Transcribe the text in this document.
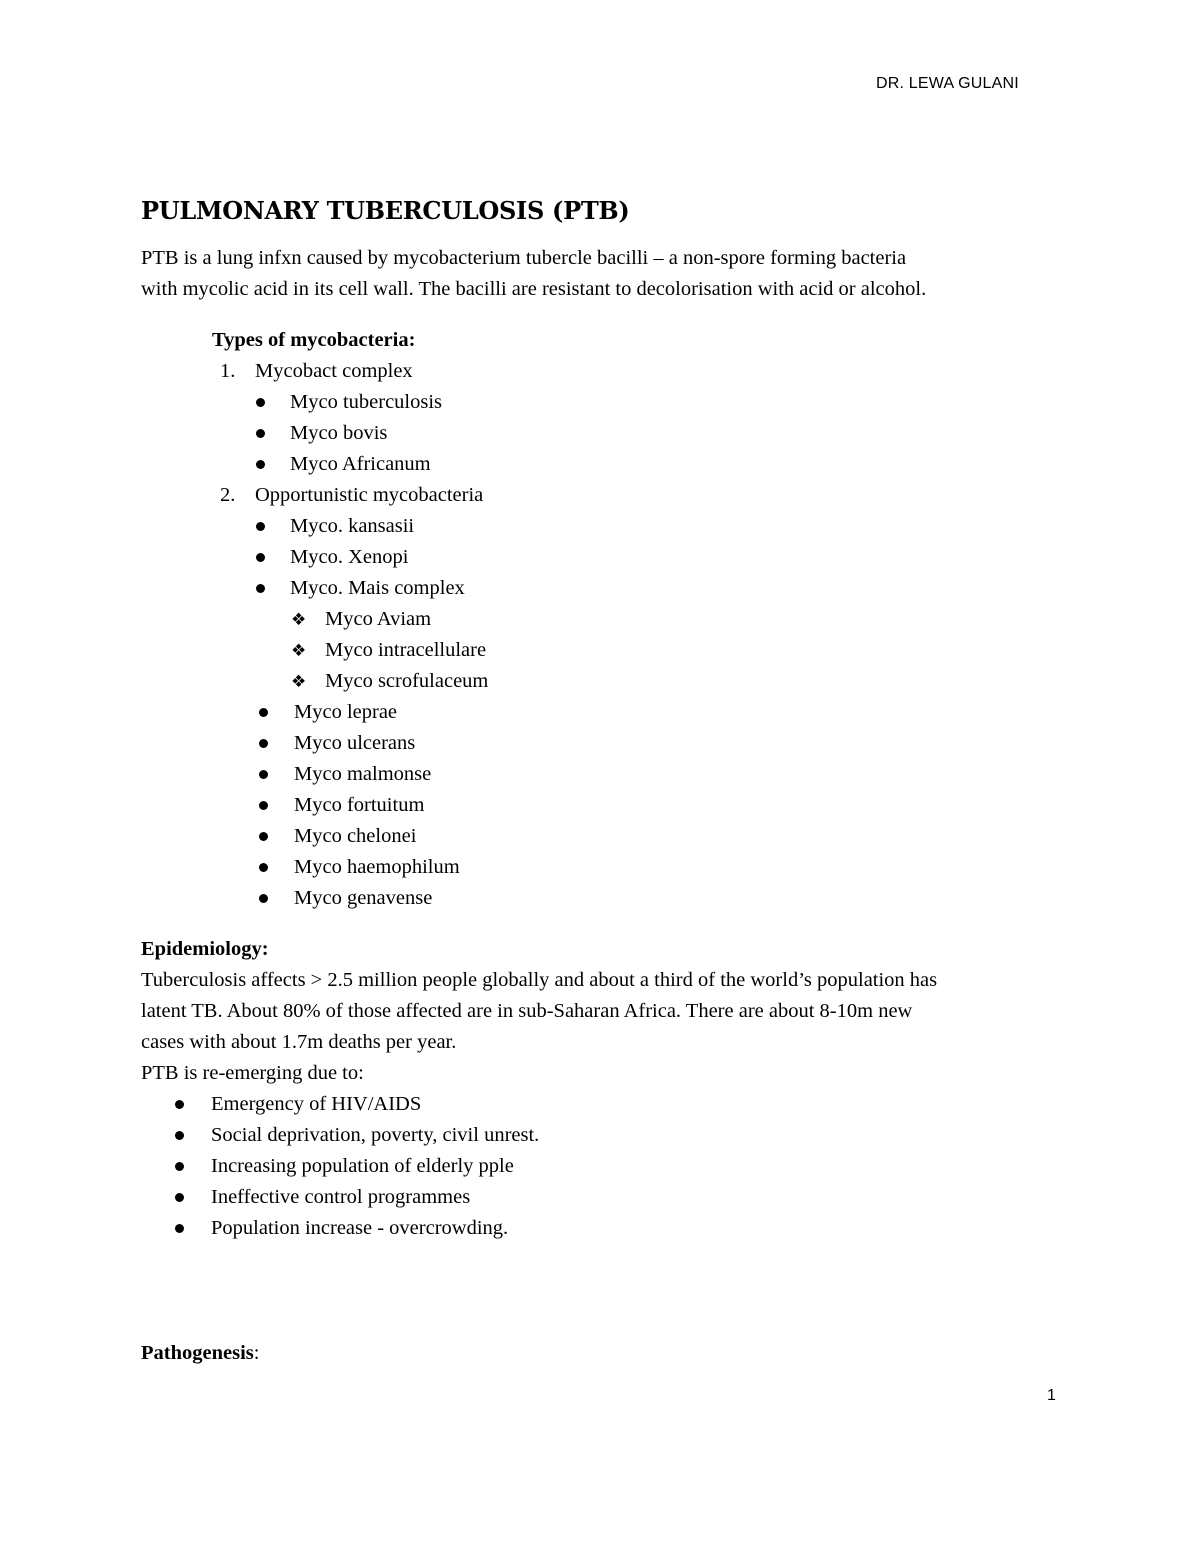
DR. LEWA GULANI
PULMONARY TUBERCULOSIS (PTB)
PTB is a lung infxn caused by mycobacterium tubercle bacilli – a non-spore forming bacteria
with mycolic acid in its cell wall. The bacilli are resistant to decolorisation with acid or alcohol.
Types of mycobacteria:
1. Mycobact complex
Myco tuberculosis
Myco bovis
Myco Africanum
2. Opportunistic mycobacteria
Myco. kansasii
Myco. Xenopi
Myco. Mais complex
❖ Myco Aviam
❖ Myco intracellulare
❖ Myco scrofulaceum
Myco leprae
Myco ulcerans
Myco malmonse
Myco fortuitum
Myco chelonei
Myco haemophilum
Myco genavense
Epidemiology:
Tuberculosis affects > 2.5 million people globally and about a third of the world’s population has
latent TB. About 80% of those affected are in sub-Saharan Africa. There are about 8-10m new
cases with about 1.7m deaths per year.
PTB is re-emerging due to:
Emergency of HIV/AIDS
Social deprivation, poverty, civil unrest.
Increasing population of elderly pple
Ineffective control programmes
Population increase - overcrowding.
Pathogenesis:
1
